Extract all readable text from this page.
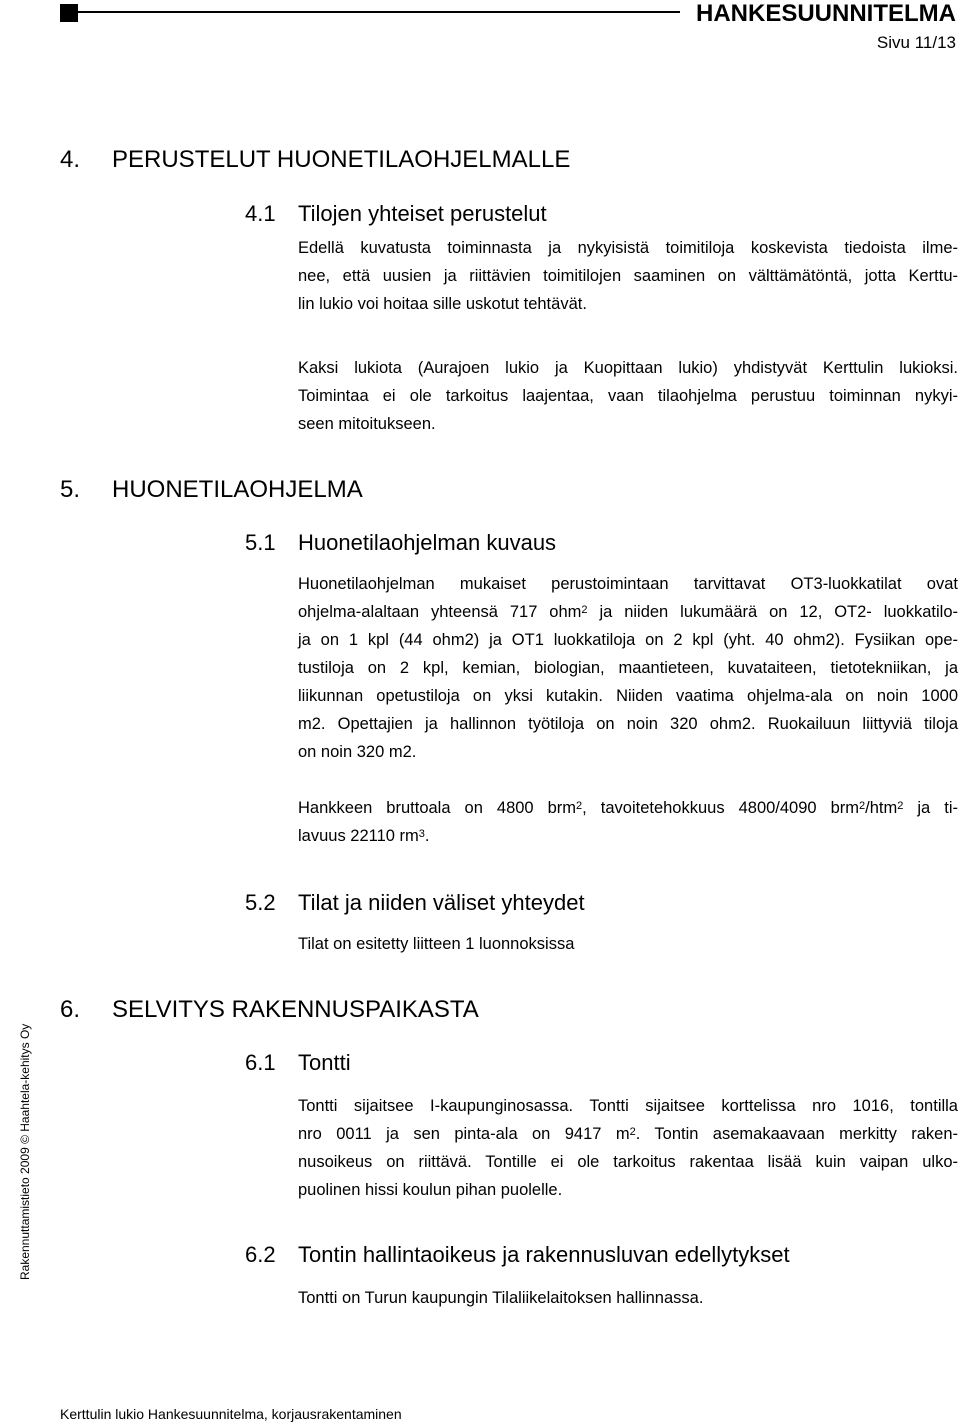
HANKESUUNNITELMA
Sivu 11/13
4. PERUSTELUT HUONETILAOHJELMALLE
4.1 Tilojen yhteiset perustelut
Edellä kuvatusta toiminnasta ja nykyisistä toimitiloja koskevista tiedoista ilme-
nee, että uusien ja riittävien toimitilojen saaminen on välttämätöntä, jotta Kerttu-
lin lukio voi hoitaa sille uskotut tehtävät.
Kaksi lukiota (Aurajoen lukio ja Kuopittaan lukio) yhdistyvät Kerttulin lukioksi.
Toimintaa ei ole tarkoitus laajentaa, vaan tilaohjelma perustuu toiminnan nykyi-
seen mitoitukseen.
5. HUONETILAOHJELMA
5.1 Huonetilaohjelman kuvaus
Huonetilaohjelman mukaiset perustoimintaan tarvittavat OT3-luokkatilat ovat
ohjelma-alaltaan yhteensä 717 ohm$^2$ ja niiden lukumäärä on 12, OT2- luokkatilo-
ja on 1 kpl (44 ohm2) ja OT1 luokkatiloja on 2 kpl (yht. 40 ohm2). Fysiikan ope-
tustiloja on 2 kpl, kemian, biologian, maantieteen, kuvataiteen, tietotekniikan, ja
liikunnan opetustiloja on yksi kutakin. Niiden vaatima ohjelma-ala on noin 1000
m2. Opettajien ja hallinnon työtiloja on noin 320 ohm2. Ruokailuun liittyviä tiloja
on noin 320 m2.
Hankkeen bruttoala on 4800 brm$^2$, tavoitetehokkuus 4800/4090 brm$^2$/htm$^2$ ja ti-
lavuus 22110 $rm^3$.
5.2 Tilat ja niiden väliset yhteydet
Tilat on esitetty liitteen 1 luonnoksissa
6. SELVITYS RAKENNUSPAIKASTA
6.1 Tontti
Tontti sijaitsee I-kaupunginosassa. Tontti sijaitsee korttelissa nro 1016, tontilla
nro 0011 ja sen pinta-ala on 9417 $m^2$. Tontin asemakaavaan merkitty raken-
nusoikeus on riittävä. Tontille ei ole tarkoitus rakentaa lisää kuin vaipan ulko-
puolinen hissi koulun pihan puolelle.
6.2 Tontin hallintaoikeus ja rakennusluvan edellytykset
Tontti on Turun kaupungin Tilaliikelaitoksen hallinnassa.
Rakennuttamistieto 2009 © Haahtela-kehitys Oy
Kerttulin lukio Hankesuunnitelma, korjausrakentaminen
